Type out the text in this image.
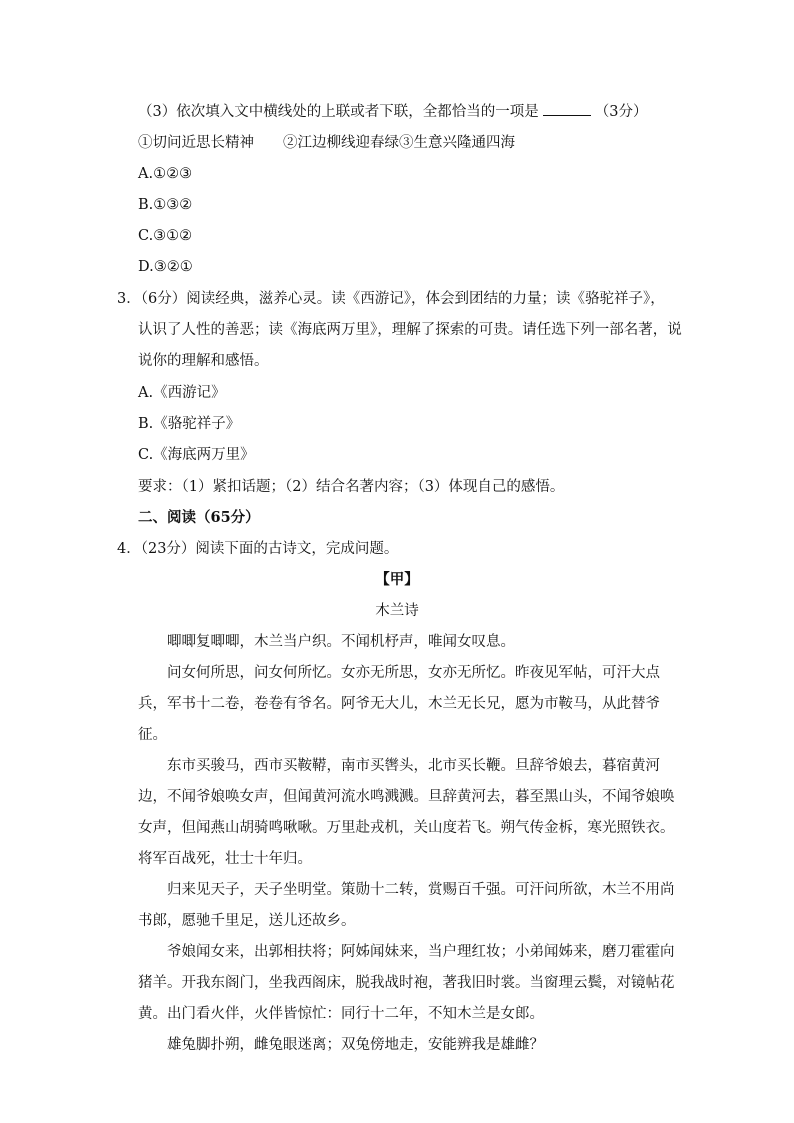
（3）依次填入文中横线处的上联或者下联，全都恰当的一项是	（3分）
①切问近思长精神　　②江边柳线迎春绿③生意兴隆通四海
A.①②③
B.①③②
C.③①②
D.③②①
3．（6分）阅读经典，滋养心灵。读《西游记》，体会到团结的力量；读《骆驼祥子》，
认识了人性的善恶；读《海底两万里》，理解了探索的可贵。请任选下列一部名著，说
说你的理解和感悟。
A.《西游记》
B.《骆驼祥子》
C.《海底两万里》
要求：（1）紧扣话题；（2）结合名著内容；（3）体现自己的感悟。
二、阅读（65分）
4．（23分）阅读下面的古诗文，完成问题。
【甲】
木兰诗
唧唧复唧唧，木兰当户织。不闻机杼声，唯闻女叹息。
问女何所思，问女何所忆。女亦无所思，女亦无所忆。昨夜见军帖，可汗大点兵，军书十二卷，卷卷有爷名。阿爷无大儿，木兰无长兄，愿为市鞍马，从此替爷征。
东市买骏马，西市买鞍鞯，南市买辔头，北市买长鞭。旦辞爷娘去，暮宿黄河边，不闻爷娘唤女声，但闻黄河流水鸣溅溅。旦辞黄河去，暮至黑山头，不闻爷娘唤女声，但闻燕山胡骑鸣啾啾。万里赴戎机，关山度若飞。朔气传金柝，寒光照铁衣。将军百战死，壮士十年归。
归来见天子，天子坐明堂。策勋十二转，赏赐百千强。可汗问所欲，木兰不用尚书郎，愿驰千里足，送儿还故乡。
爷娘闻女来，出郭相扶将；阿姊闻妹来，当户理红妆；小弟闻姊来，磨刀霍霍向猪羊。开我东阁门，坐我西阁床，脱我战时袍，著我旧时裳。当窗理云鬓，对镜帖花黄。出门看火伴，火伴皆惊忙：同行十二年，不知木兰是女郎。
雄兔脚扑朔，雌兔眼迷离；双兔傍地走，安能辨我是雄雌？
